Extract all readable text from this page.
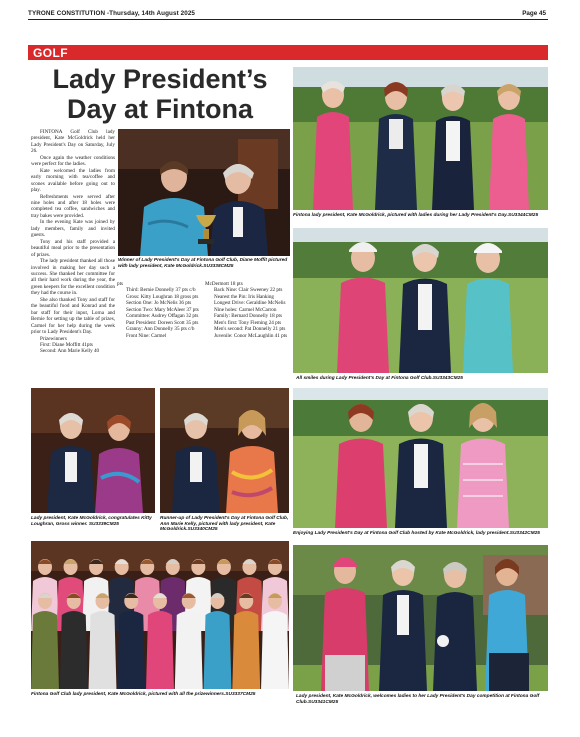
TYRONE CONSTITUTION -Thursday, 14th August 2025	Page 45
GOLF
Lady President’s
Day at Fintona

FINTONA Golf Club lady president, Kate McGoldrick held her Lady President's Day on Saturday, July 26.

Once again the weather conditions were perfect for the ladies.

Kate welcomed the ladies from early morning with tea/coffee and scones available before going out to play.

Refreshments were served after nine holes and after 18 holes were completed tea coffee, sandwiches and tray bakes were provided.

In the evening Kate was joined by lady members, family and invited guests.

Tony and his staff provided a beautiful meal prior to the presentation of prizes.

The lady president thanked all those involved in making her day such a success. She thanked her committee for all their hard work during the year, the green keepers for the excellent condition they had the course in.

She also thanked Tony and staff for the beautiful food and Konrad and the bar staff for their input, Lorna and Bernie for setting up the table of prizes, Carmel for her help during the week prior to Lady President's Day.

Prizewinners

First: Diane Moffitt 41pts

Second: Ann Marie Kelly 40

pts

Third: Bernie Donnelly 37 pts c/b

Gross: Kitty Loughran 18 gross pts

Section One: Jo McNelis 36 pts

Section Two: Mary McAleer 37 pts

Committee: Audrey Offagan 32 pts

Past President: Doreen Scott 35 pts

Granny: Ann Donnelly 35 pts c/b

Front Nine: Carmel

McDermott 18 pts

Back Nine: Clair Sweeney 22 pts

Nearest the Pin: Iris Hanking

Longest Drive: Geraldine McNelis

Nine holes: Carmel McCarron

Family: Bernard Donnelly 18 pts

Men's first: Tony Fleming 24 pts

Men's second: Pat Donnelly 21 pts

Juvenile: Conor McLaughlin 41 pts

Fintona lady president, Kate McGoldrick, pictured with ladies during her Lady President's Day.SU3344CM25
All smiles during Lady President's Day at Fintona Golf Club.SU3343CM25
Winner of Lady President's Day at Fintona Golf Club, Diane Moffit pictured with lady president, Kate McGoldrick.SU3338CM25
Lady president, Kate McGoldrick, congratulates Kitty Loughran, Gross winner. SU3339CM25
Runner-up of Lady President's Day at Fintona Golf Club, Ann Marie Kelly, pictured with lady president, Kate McGoldrick.SU3340CM25
Enjoying Lady President's Day at Fintona Golf Club hosted by Kate McGoldrick, lady president.SU3342CM25
Fintona Golf Club lady president, Kate McGoldrick, pictured with all the prizewinners.SU3337CM25	Lady president, Kate McGoldrick, welcomes ladies to her Lady President's Day competition at Fintona Golf Club.SU3341CM25
